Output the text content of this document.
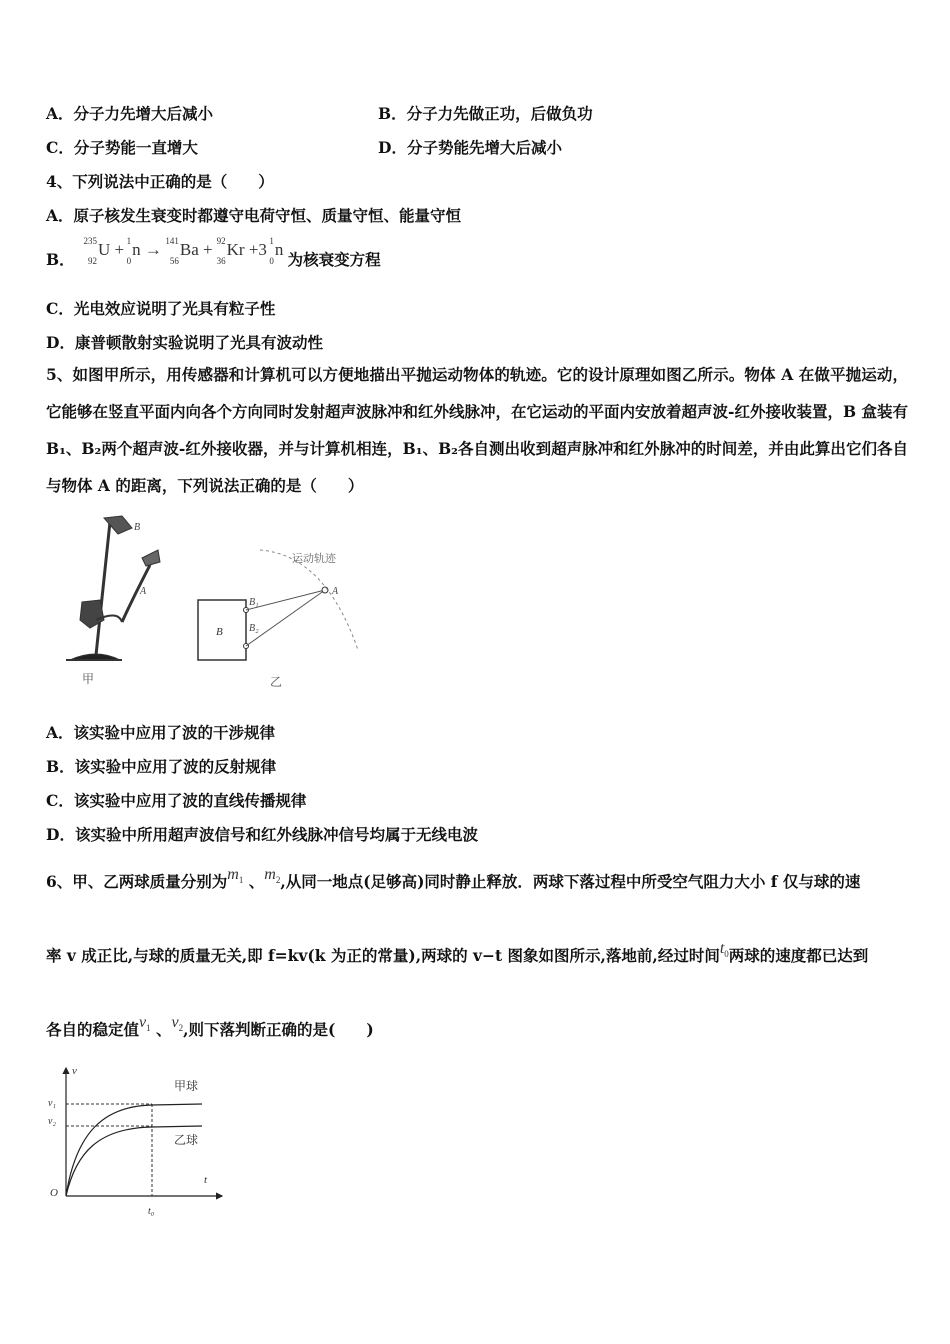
A．分子力先增大后减小	B．分子力先做正功，后做负功
C．分子势能一直增大	D．分子势能先增大后减小
4、下列说法中正确的是（　　）
A．原子核发生衰变时都遵守电荷守恒、质量守恒、能量守恒
B．
235
92
U + 1
0
n → 141
56
Ba + 92
36
Kr +3 1
0
n 为核衰变方程
C．光电效应说明了光具有粒子性
D．康普顿散射实验说明了光具有波动性
5、如图甲所示，用传感器和计算机可以方便地描出平抛运动物体的轨迹。它的设计原理如图乙所示。物体 A 在做平抛运动，它能够在竖直平面内向各个方向同时发射超声波脉冲和红外线脉冲，在它运动的平面内安放着超声波-红外接收装置，B 盒装有 B₁、B₂两个超声波-红外接收器，并与计算机相连，B₁、B₂各自测出收到超声脉冲和红外脉冲的时间差，并由此算出它们各自与物体 A 的距离，下列说法正确的是（　　）
B
A
甲
B
B₁
B₂
A
运动轨迹
乙
A．该实验中应用了波的干涉规律
B．该实验中应用了波的反射规律
C．该实验中应用了波的直线传播规律
D．该实验中所用超声波信号和红外线脉冲信号均属于无线电波
6、甲、乙两球质量分别为$m_1$ 、$m_2$,从同一地点(足够高)同时静止释放．两球下落过程中所受空气阻力大小 f 仅与球的速
率 v 成正比,与球的质量无关,即 f=kv(k 为正的常量),两球的 v−t 图象如图所示,落地前,经过时间$t_0$两球的速度都已达到
各自的稳定值$v_1$ 、$v_2$,则下落判断正确的是(　　)
v
t
O
v₁
v₂
t₀
甲球
乙球
